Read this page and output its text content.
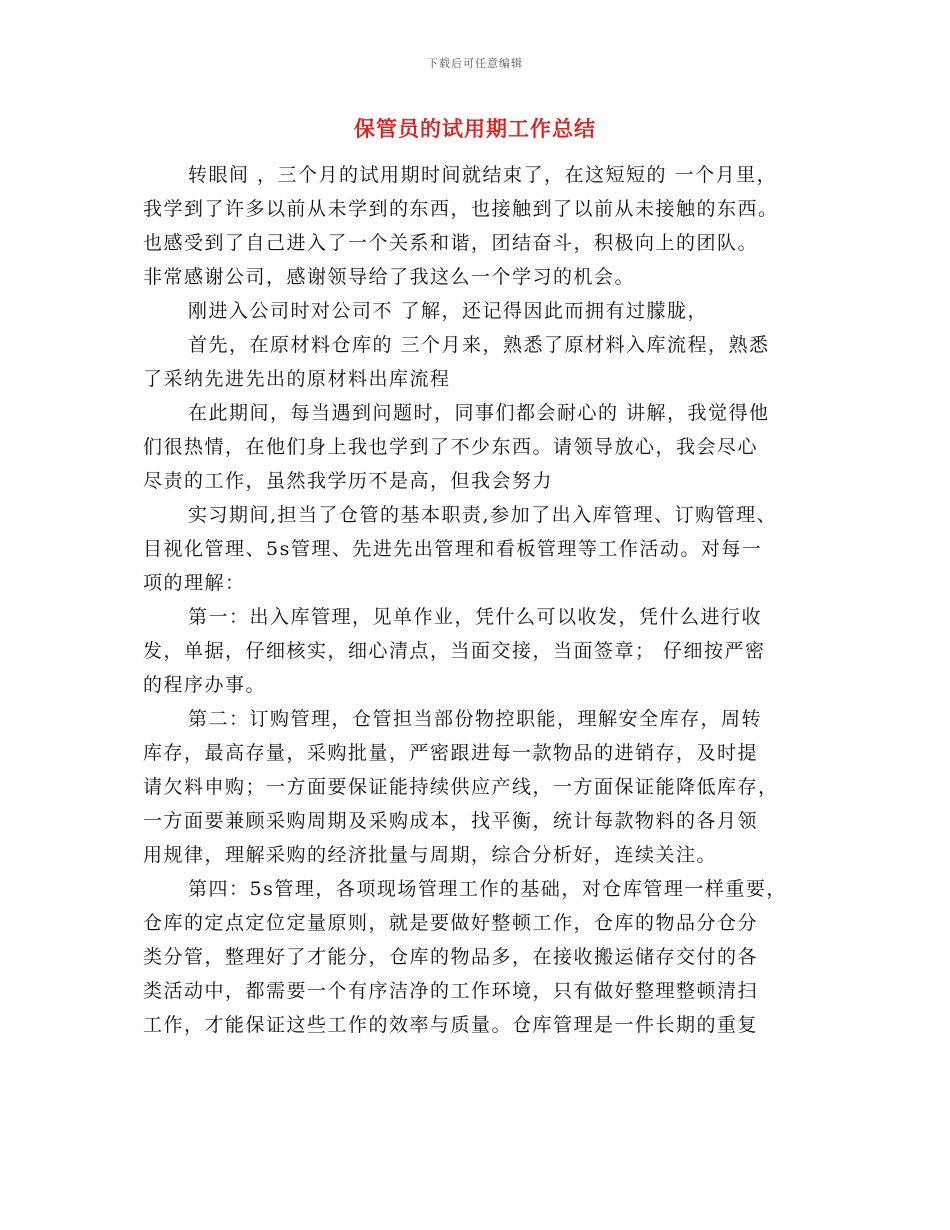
下载后可任意编辑
保管员的试用期工作总结
转眼间 ，三个月的试用期时间就结束了，在这短短的 一个月里，
我学到了许多以前从未学到的东西，也接触到了以前从未接触的东西。
也感受到了自己进入了一个关系和谐，团结奋斗，积极向上的团队。
非常感谢公司，感谢领导给了我这么一个学习的机会。
刚进入公司时对公司不 了解，还记得因此而拥有过朦胧，
首先，在原材料仓库的 三个月来，熟悉了原材料入库流程，熟悉
了采纳先进先出的原材料出库流程
在此期间，每当遇到问题时，同事们都会耐心的 讲解，我觉得他
们很热情，在他们身上我也学到了不少东西。请领导放心，我会尽心
尽责的工作，虽然我学历不是高，但我会努力
实习期间,担当了仓管的基本职责,参加了出入库管理、订购管理、
目视化管理、5s管理、先进先出管理和看板管理等工作活动。对每一
项的理解：
第一：出入库管理，见单作业，凭什么可以收发，凭什么进行收
发，单据，仔细核实，细心清点，当面交接，当面签章； 仔细按严密
的程序办事。
第二：订购管理，仓管担当部份物控职能，理解安全库存，周转
库存，最高存量，采购批量，严密跟进每一款物品的进销存，及时提
请欠料申购；一方面要保证能持续供应产线，一方面保证能降低库存，
一方面要兼顾采购周期及采购成本，找平衡，统计每款物料的各月领
用规律，理解采购的经济批量与周期，综合分析好，连续关注。
第四：5s管理，各项现场管理工作的基础，对仓库管理一样重要，
仓库的定点定位定量原则，就是要做好整顿工作，仓库的物品分仓分
类分管，整理好了才能分，仓库的物品多，在接收搬运储存交付的各
类活动中，都需要一个有序洁净的工作环境，只有做好整理整顿清扫
工作，才能保证这些工作的效率与质量。仓库管理是一件长期的重复
